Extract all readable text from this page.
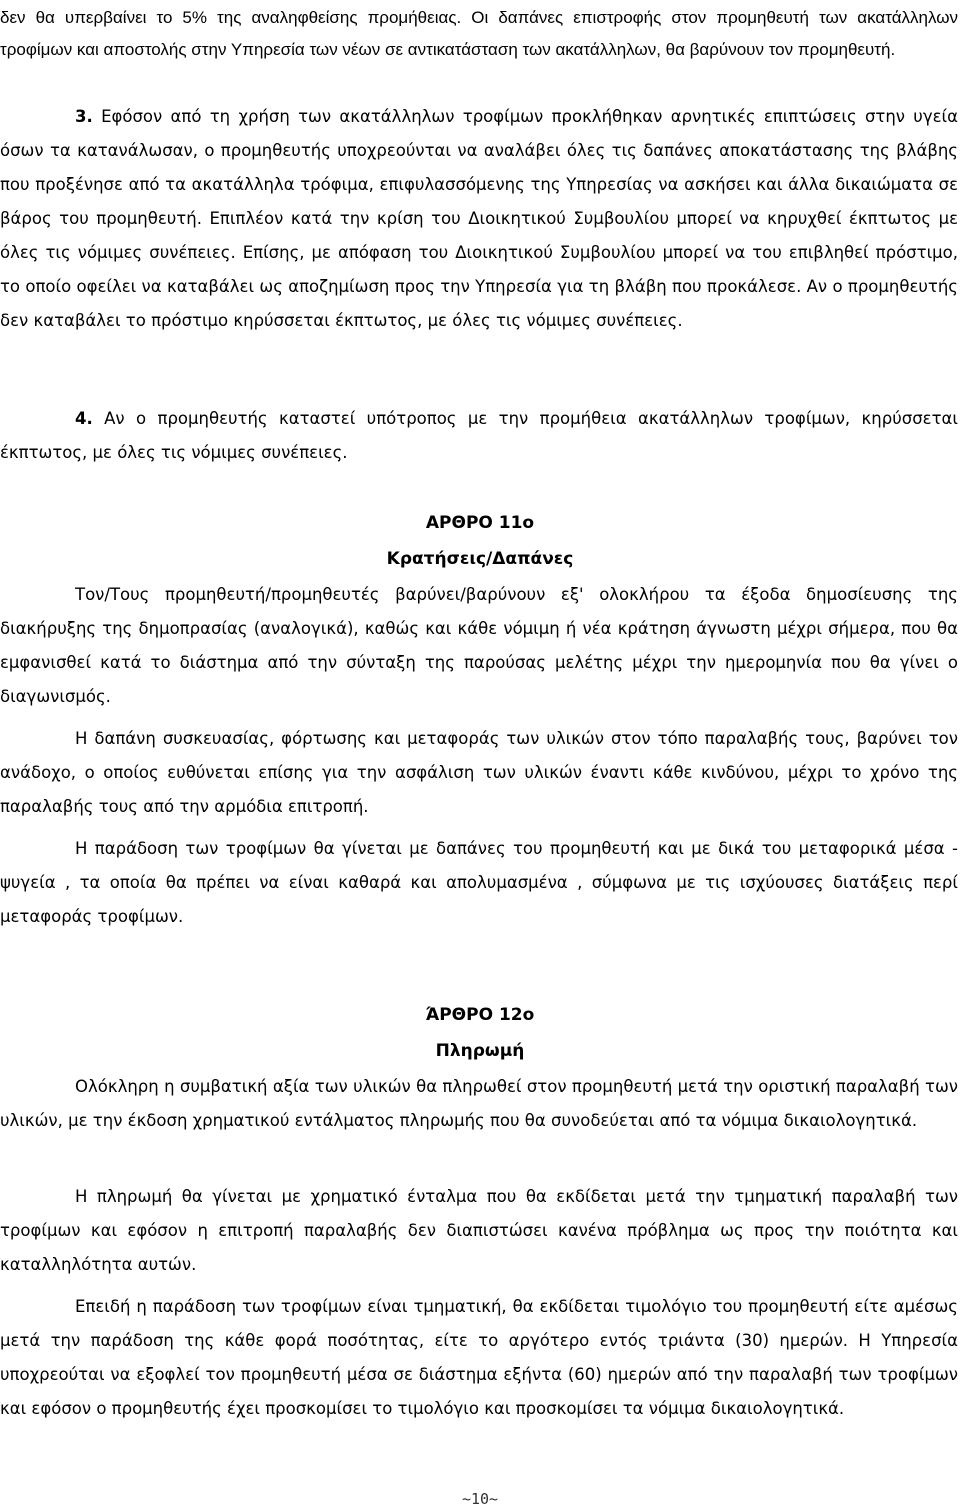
δεν θα υπερβαίνει το 5% της αναληφθείσης προμήθειας. Οι δαπάνες επιστροφής στον προμηθευτή των ακατάλληλων τροφίμων και αποστολής στην Υπηρεσία των νέων σε αντικατάσταση των ακατάλληλων, θα βαρύνουν τον προμηθευτή.

3. Εφόσον από τη χρήση των ακατάλληλων τροφίμων προκλήθηκαν αρνητικές επιπτώσεις στην υγεία όσων τα κατανάλωσαν, ο προμηθευτής υποχρεούνται να αναλάβει όλες τις δαπάνες αποκατάστασης της βλάβης που προξένησε από τα ακατάλληλα τρόφιμα, επιφυλασσόμενης της Υπηρεσίας να ασκήσει και άλλα δικαιώματα σε βάρος του προμηθευτή. Επιπλέον κατά την κρίση του Διοικητικού Συμβουλίου μπορεί να κηρυχθεί έκπτωτος με όλες τις νόμιμες συνέπειες. Επίσης, με απόφαση του Διοικητικού Συμβουλίου μπορεί να του επιβληθεί πρόστιμο, το οποίο οφείλει να καταβάλει ως αποζημίωση προς την Υπηρεσία για τη βλάβη που προκάλεσε. Αν ο προμηθευτής δεν καταβάλει το πρόστιμο κηρύσσεται έκπτωτος, με όλες τις νόμιμες συνέπειες.

4. Αν ο προμηθευτής καταστεί υπότροπος με την προμήθεια ακατάλληλων τροφίμων, κηρύσσεται έκπτωτος, με όλες τις νόμιμες συνέπειες.

ΑΡΘΡΟ 11ο

Κρατήσεις/Δαπάνες

Τον/Τους προμηθευτή/προμηθευτές βαρύνει/βαρύνουν εξ' ολοκλήρου τα έξοδα δημοσίευσης της διακήρυξης της δημοπρασίας (αναλογικά), καθώς και κάθε νόμιμη ή νέα κράτηση άγνωστη μέχρι σήμερα, που θα εμφανισθεί κατά το διάστημα από την σύνταξη της παρούσας μελέτης μέχρι την ημερομηνία που θα γίνει ο διαγωνισμός.

Η δαπάνη συσκευασίας, φόρτωσης και μεταφοράς των υλικών στον τόπο παραλαβής τους, βαρύνει τον ανάδοχο, ο οποίος ευθύνεται επίσης για την ασφάλιση των υλικών έναντι κάθε κινδύνου, μέχρι το χρόνο της παραλαβής τους από την αρμόδια επιτροπή.

Η παράδοση των τροφίμων θα γίνεται με δαπάνες του προμηθευτή και με δικά του μεταφορικά μέσα - ψυγεία , τα οποία θα πρέπει να είναι καθαρά και απολυμασμένα , σύμφωνα με τις ισχύουσες διατάξεις περί μεταφοράς τροφίμων.

ΆΡΘΡΟ 12ο

Πληρωμή

Ολόκληρη η συμβατική αξία των υλικών θα πληρωθεί στον προμηθευτή μετά την οριστική παραλαβή των υλικών, με την έκδοση χρηματικού εντάλματος πληρωμής που θα συνοδεύεται από τα νόμιμα δικαιολογητικά.

Η πληρωμή θα γίνεται με χρηματικό ένταλμα που θα εκδίδεται μετά την τμηματική παραλαβή των τροφίμων και εφόσον η επιτροπή παραλαβής δεν διαπιστώσει κανένα πρόβλημα ως προς την ποιότητα και καταλληλότητα αυτών.

Επειδή η παράδοση των τροφίμων είναι τμηματική, θα εκδίδεται τιμολόγιο του προμηθευτή είτε αμέσως μετά την παράδοση της κάθε φορά ποσότητας, είτε το αργότερο εντός τριάντα (30) ημερών. Η Υπηρεσία υποχρεούται να εξοφλεί τον προμηθευτή μέσα σε διάστημα εξήντα (60) ημερών από την παραλαβή των τροφίμων και εφόσον ο προμηθευτής έχει προσκομίσει το τιμολόγιο και προσκομίσει τα νόμιμα δικαιολογητικά.

~10~
